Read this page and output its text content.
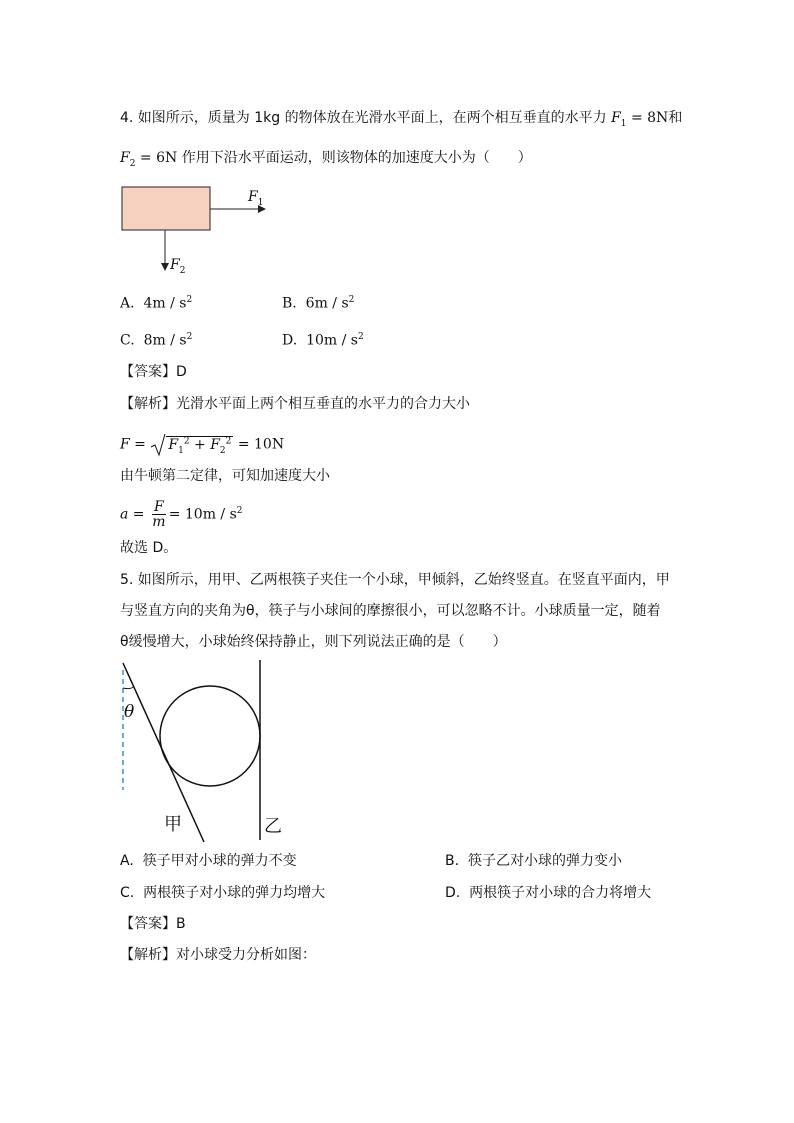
4. 如图所示，质量为 1kg 的物体放在光滑水平面上，在两个相互垂直的水平力 $F_1 = 8N$和
$F_2 = 6N$ 作用下沿水平面运动，则该物体的加速度大小为（　　）
$F_1$
$F_2$
A. $4m / s^2$	B. $6m / s^2$
C. $8m / s^2$	D. $10m / s^2$
【答案】D
【解析】光滑水平面上两个相互垂直的水平力的合力大小
$F = F_1^2 + F_2^2 = 10N$
由牛顿第二定律，可知加速度大小
$a = \frac{F}{m} = 10m / s^2$
故选 D。
5. 如图所示，用甲、乙两根筷子夹住一个小球，甲倾斜，乙始终竖直。在竖直平面内，甲
与竖直方向的夹角为θ，筷子与小球间的摩擦很小，可以忽略不计。小球质量一定，随着
θ缓慢增大，小球始终保持静止，则下列说法正确的是（　　）
θ
甲	乙
A. 筷子甲对小球的弹力不变	B. 筷子乙对小球的弹力变小
C. 两根筷子对小球的弹力均增大	D. 两根筷子对小球的合力将增大
【答案】B
【解析】对小球受力分析如图：
